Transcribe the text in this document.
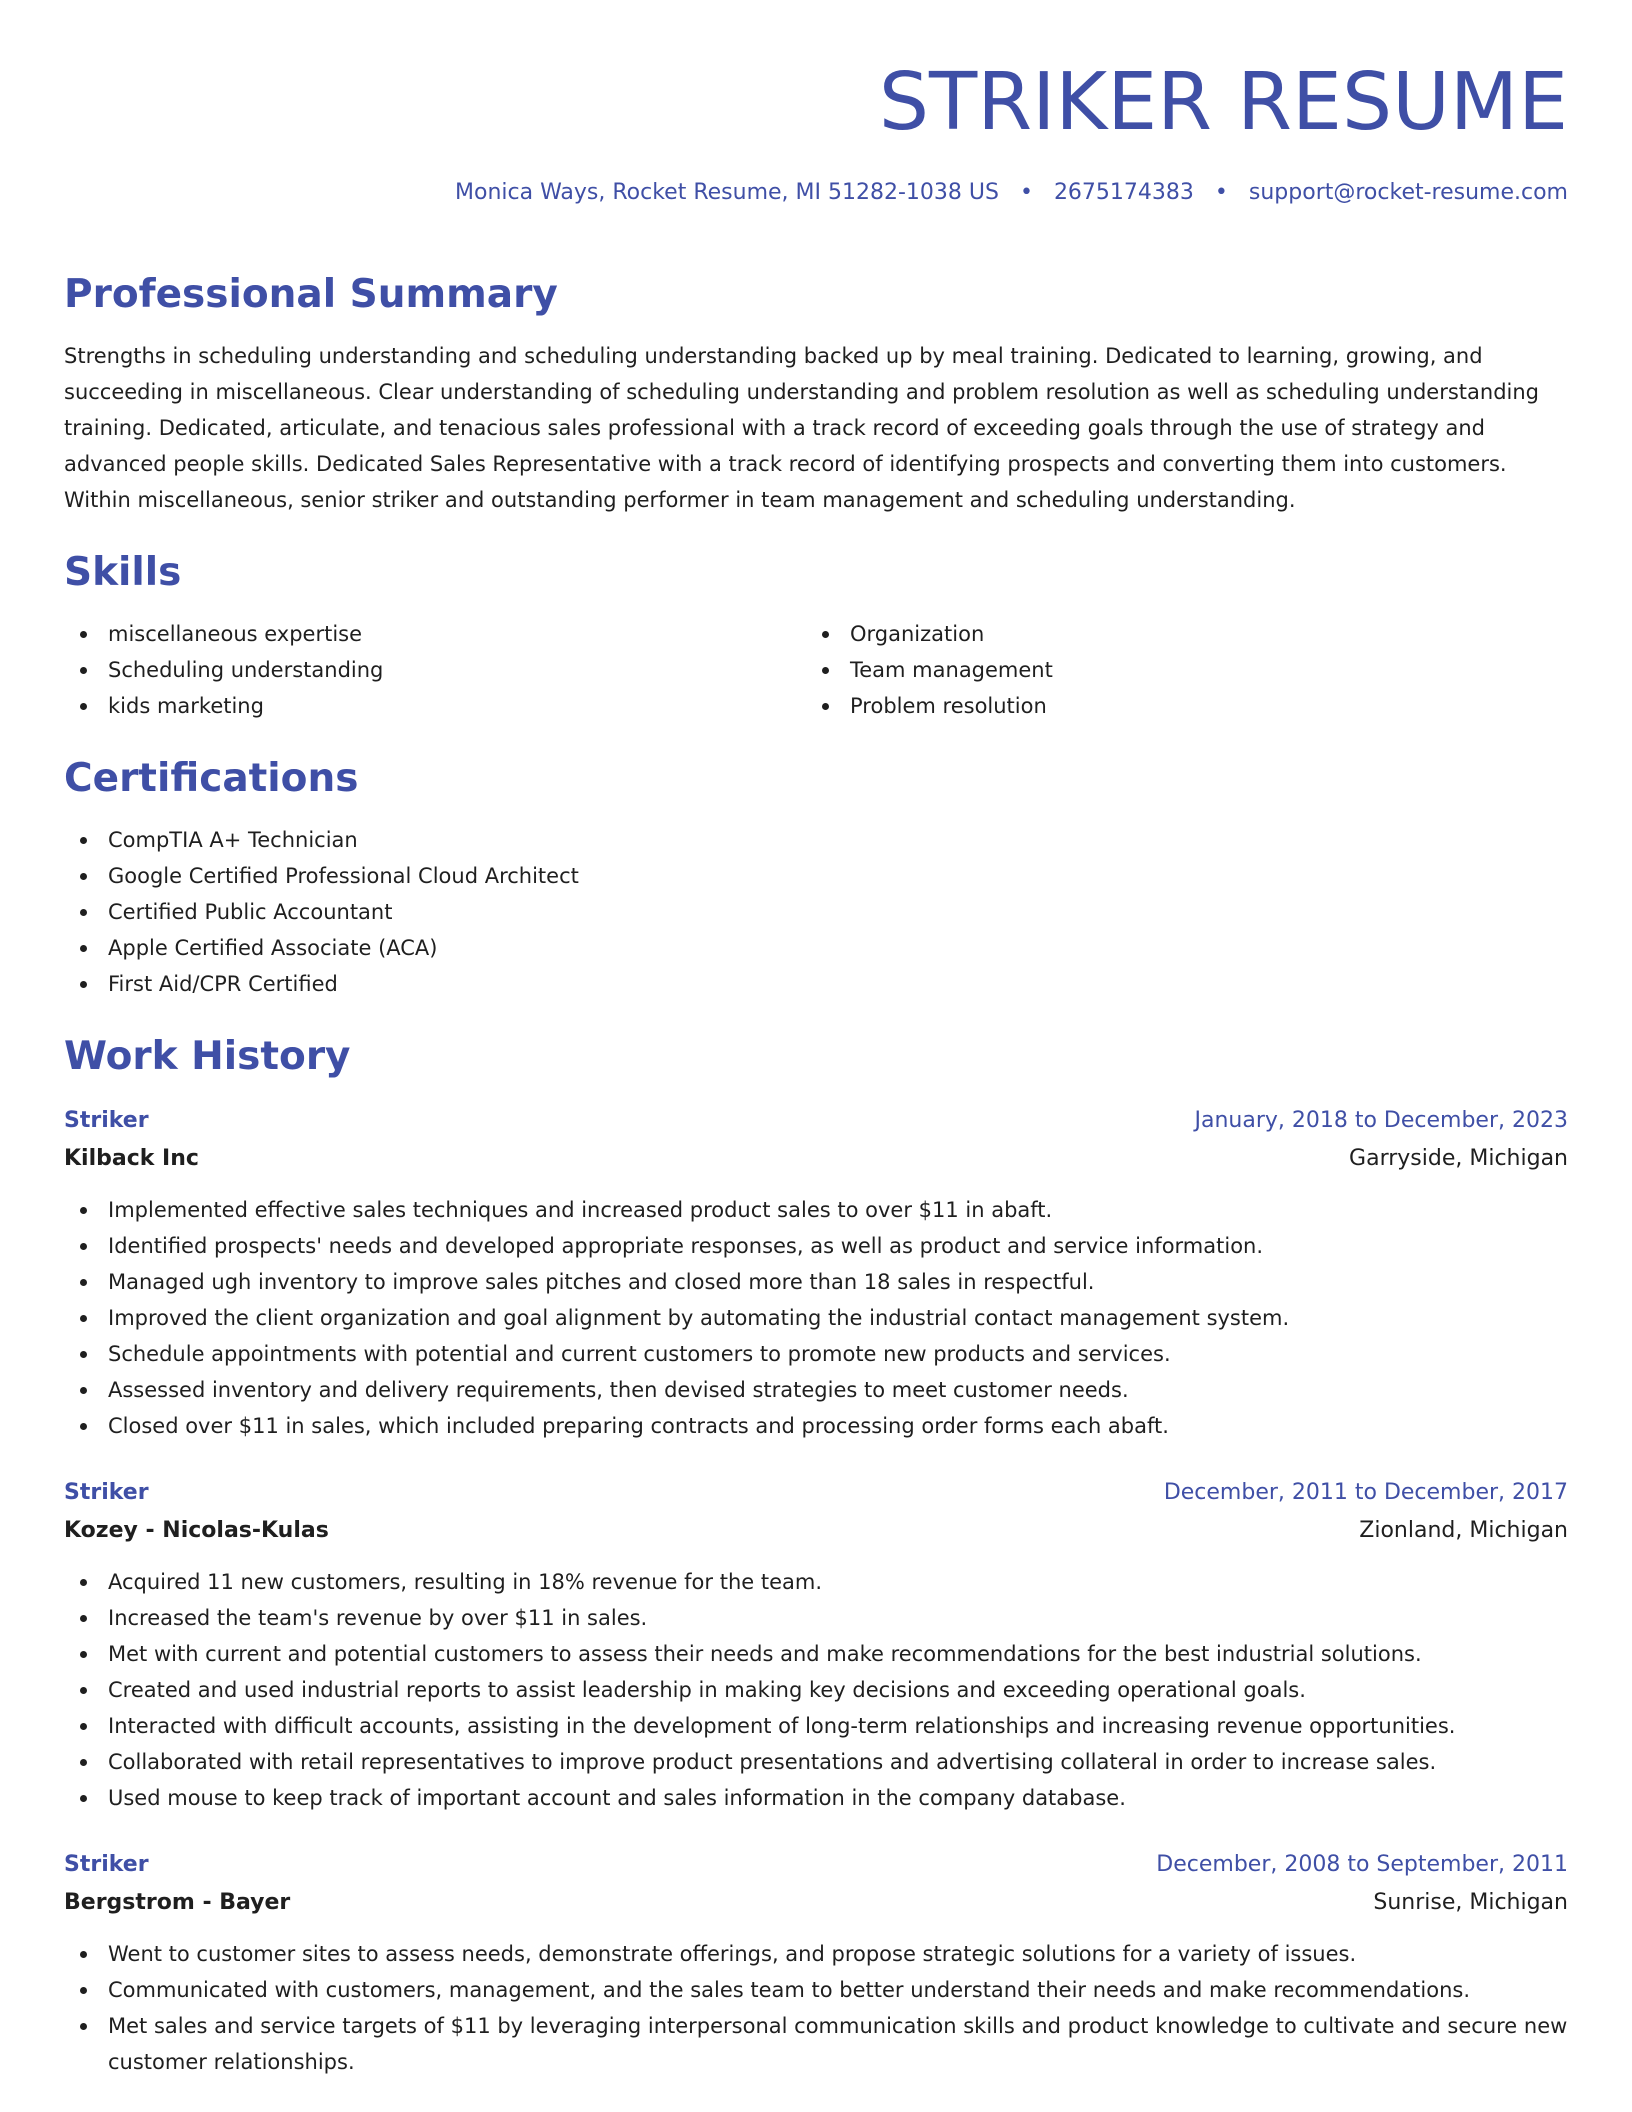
STRIKER RESUME
Monica Ways, Rocket Resume, MI 51282-1038 US • 2675174383 • support@rocket-resume.com
Professional Summary
Strengths in scheduling understanding and scheduling understanding backed up by meal training. Dedicated to learning, growing, and succeeding in miscellaneous. Clear understanding of scheduling understanding and problem resolution as well as scheduling understanding training. Dedicated, articulate, and tenacious sales professional with a track record of exceeding goals through the use of strategy and advanced people skills. Dedicated Sales Representative with a track record of identifying prospects and converting them into customers. Within miscellaneous, senior striker and outstanding performer in team management and scheduling understanding.
Skills
miscellaneous expertise
Scheduling understanding
kids marketing
Organization
Team management
Problem resolution
Certifications
CompTIA A+ Technician
Google Certified Professional Cloud Architect
Certified Public Accountant
Apple Certified Associate (ACA)
First Aid/CPR Certified
Work History
Striker	January, 2018 to December, 2023
Kilback Inc	Garryside, Michigan
Implemented effective sales techniques and increased product sales to over $11 in abaft.
Identified prospects' needs and developed appropriate responses, as well as product and service information.
Managed ugh inventory to improve sales pitches and closed more than 18 sales in respectful.
Improved the client organization and goal alignment by automating the industrial contact management system.
Schedule appointments with potential and current customers to promote new products and services.
Assessed inventory and delivery requirements, then devised strategies to meet customer needs.
Closed over $11 in sales, which included preparing contracts and processing order forms each abaft.
Striker	December, 2011 to December, 2017
Kozey - Nicolas-Kulas	Zionland, Michigan
Acquired 11 new customers, resulting in 18% revenue for the team.
Increased the team's revenue by over $11 in sales.
Met with current and potential customers to assess their needs and make recommendations for the best industrial solutions.
Created and used industrial reports to assist leadership in making key decisions and exceeding operational goals.
Interacted with difficult accounts, assisting in the development of long-term relationships and increasing revenue opportunities.
Collaborated with retail representatives to improve product presentations and advertising collateral in order to increase sales.
Used mouse to keep track of important account and sales information in the company database.
Striker	December, 2008 to September, 2011
Bergstrom - Bayer	Sunrise, Michigan
Went to customer sites to assess needs, demonstrate offerings, and propose strategic solutions for a variety of issues.
Communicated with customers, management, and the sales team to better understand their needs and make recommendations.
Met sales and service targets of $11 by leveraging interpersonal communication skills and product knowledge to cultivate and secure new customer relationships.
